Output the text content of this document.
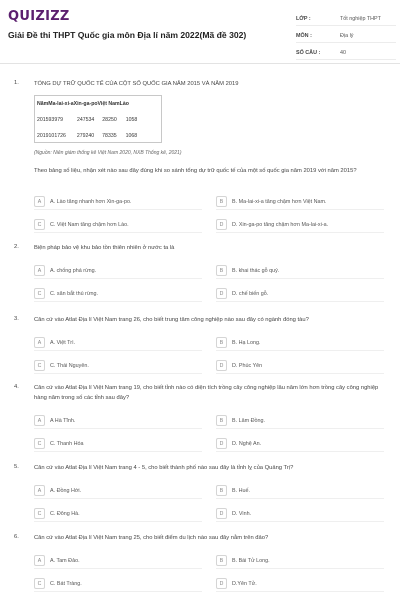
QUIZIZZ
Giải Đề thi THPT Quốc gia môn Địa lí năm 2022(Mã đề 302)
LỚP :	Tốt nghiệp THPT
MÔN :	Địa lý
SỐ CÂU :	40
1.	TỔNG DỰ TRỮ QUỐC TẾ CỦA CỘT SỐ QUỐC GIA NĂM 2015 VÀ NĂM 2019
Năm Ma-lai-xi-a Xin-ga-po Việt Nam Lào
2015 93979	247534 28250 1058
2019 101726 279240 78335 1068
(Nguồn: Niên giám thống kê Việt Nam 2020, NXB Thống kê, 2021)
Theo bảng số liệu, nhận xét nào sau đây đúng khi so sánh tổng dự trữ quốc tế của một số quốc gia năm 2019 với năm 2015?
A	A. Lào tăng nhanh hơn Xin-ga-po.	B	B. Ma-lai-xi-a tăng chậm hơn Việt Nam.
C	C. Việt Nam tăng chậm hơn Lào.	D	D. Xin-ga-po tăng chậm hơn Ma-lai-xi-a.
2.	Biện pháp bảo vệ khu bảo tồn thiên nhiên ở nước ta là
A	A. chống phá rừng.	B	B. khai thác gỗ quý.
C	C. săn bắt thú rừng.	D	D. chế biến gỗ.
3.	Căn cứ vào Atlat Địa lí Việt Nam trang 26, cho biết trung tâm công nghiệp nào sau đây có ngành đóng tàu?
A	A. Việt Trì.	B	B. Hạ Long.
C	C. Thái Nguyên.	D	D. Phúc Yên
4.	Căn cứ vào Atlat Địa lí Việt Nam trang 19, cho biết tỉnh nào có diện tích trồng cây công nghiệp lâu năm lớn hơn trồng cây công nghiệp hàng năm trong số các tỉnh sau đây?
A	A Hà Tĩnh.	B	B. Lâm Đồng.
C	C. Thanh Hóa	D	D. Nghệ An.
5.	Căn cứ vào Atlat Địa lí Việt Nam trang 4 - 5, cho biết thành phố nào sau đây là tỉnh lỵ của Quảng Trị?
A	A. Đồng Hới.	B	B. Huế.
C	C. Đông Hà.	D	D. Vinh.
6.	Căn cứ vào Atlat Địa lí Việt Nam trang 25, cho biết điểm du lịch nào sau đây nằm trên đảo?
A	A. Tam Đảo.	B	B. Bái Tử Long.
C	C. Bát Tràng.	D	D.Yên Tử.
